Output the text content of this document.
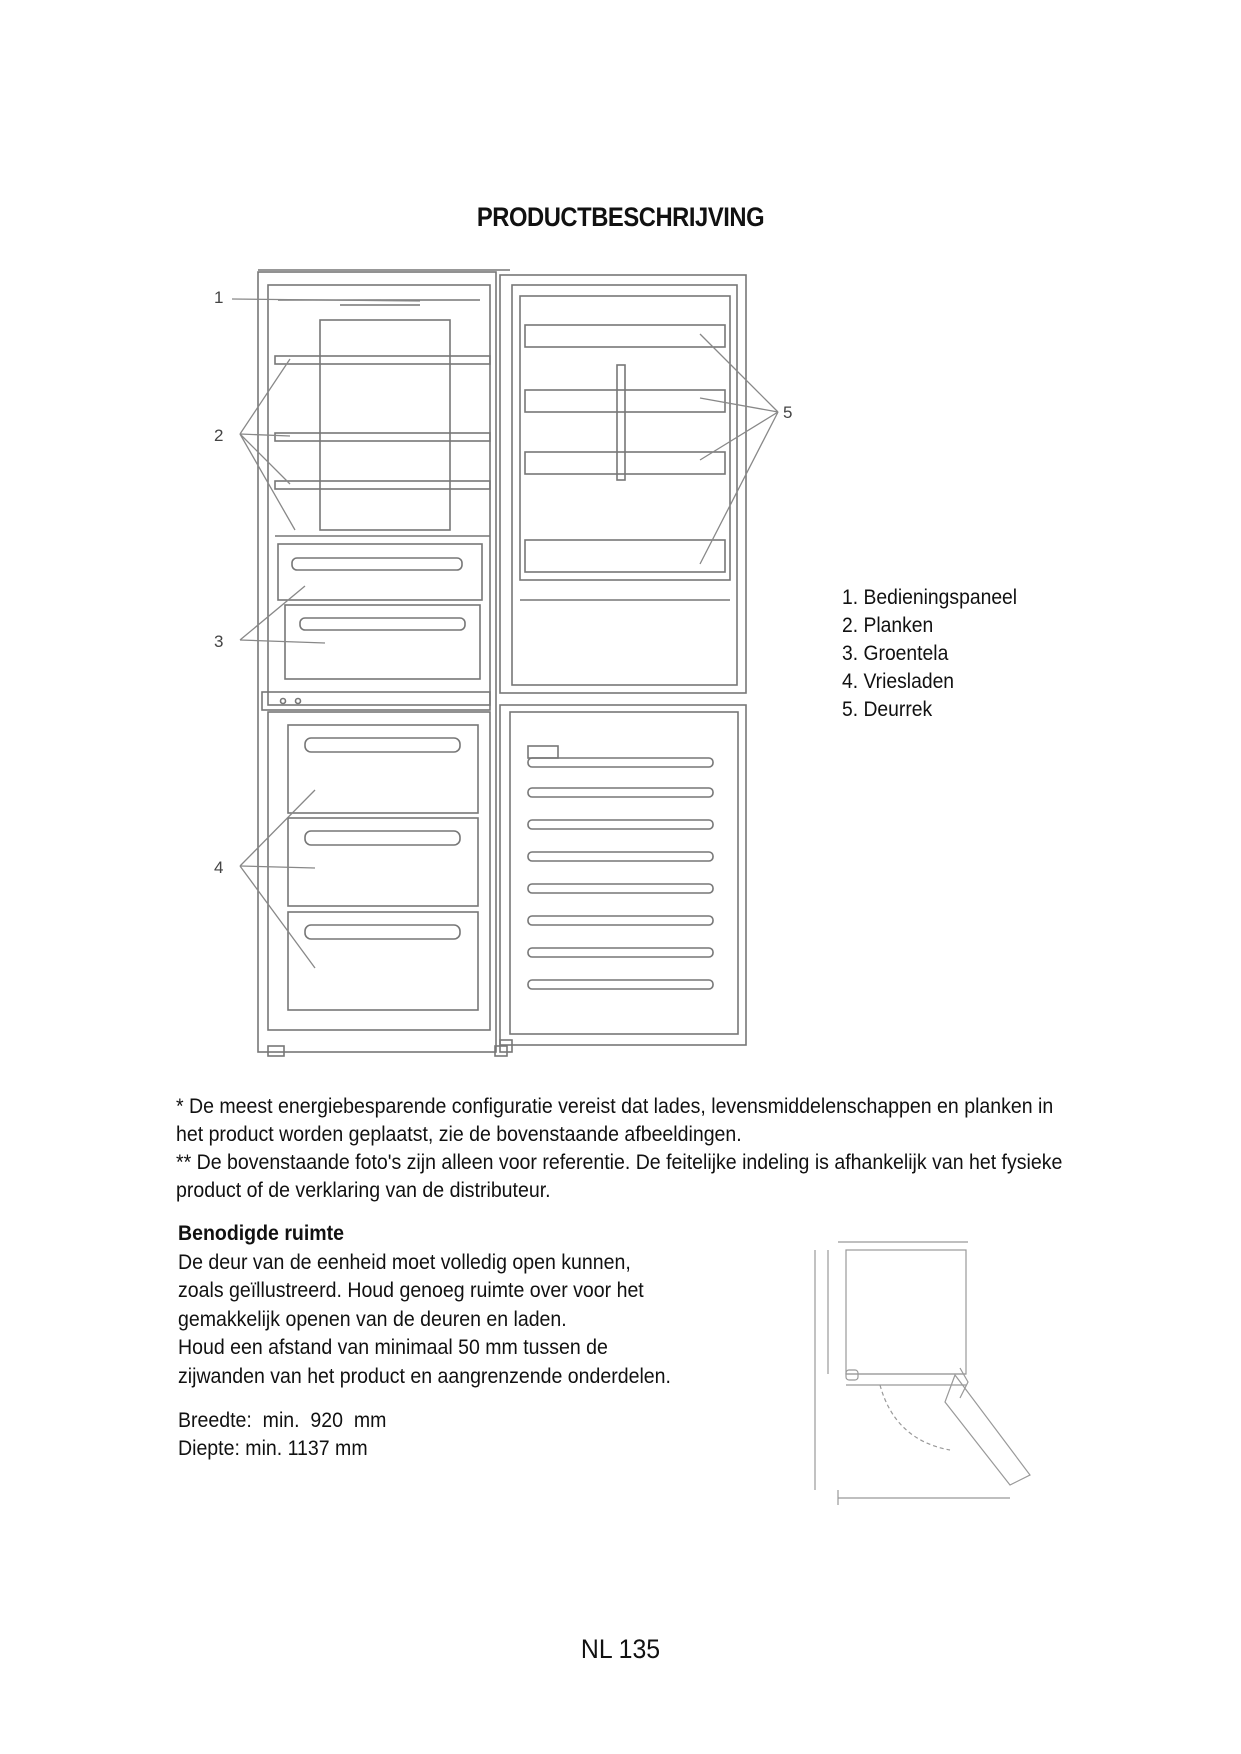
PRODUCTBESCHRIJVING
1
2
3
4
5
1. Bedieningspaneel
2. Planken
3. Groentela
4. Vriesladen
5. Deurrek

* De meest energiebesparende configuratie vereist dat lades, levensmiddelenschappen en planken in het product worden geplaatst, zie de bovenstaande afbeeldingen.

** De bovenstaande foto's zijn alleen voor referentie. De feitelijke indeling is afhankelijk van het fysieke product of de verklaring van de distributeur.

Benodigde ruimte

De deur van de eenheid moet volledig open kunnen, zoals geïllustreerd. Houd genoeg ruimte over voor het gemakkelijk openen van de deuren en laden.

Houd een afstand van minimaal 50 mm tussen de zijwanden van het product en aangrenzende onderdelen.

Breedte:  min.  920  mm
Diepte: min. 1137 mm
NL 135
